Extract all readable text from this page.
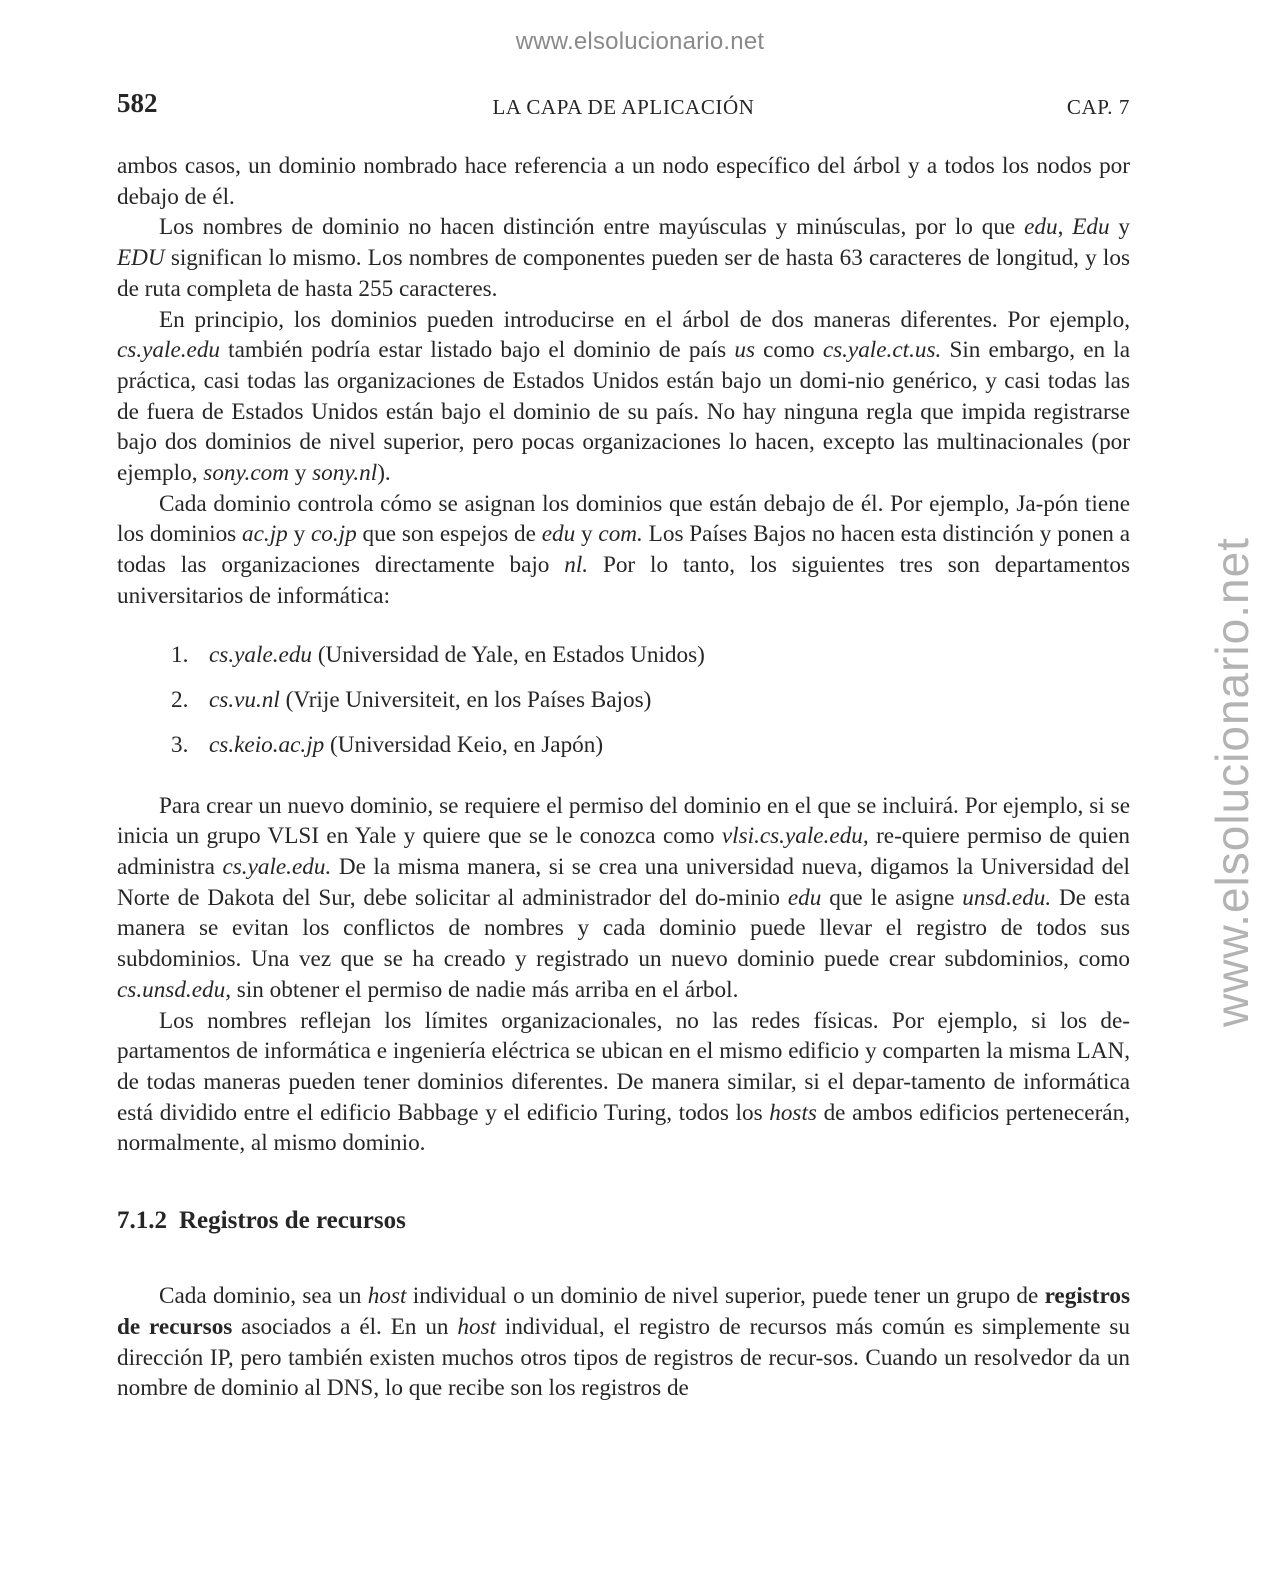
www.elsolucionario.net
www.elsolucionario.net
582	LA CAPA DE APLICACIÓN	CAP. 7

ambos casos, un dominio nombrado hace referencia a un nodo específico del árbol y a todos los nodos por debajo de él.

Los nombres de dominio no hacen distinción entre mayúsculas y minúsculas, por lo que edu, Edu y EDU significan lo mismo. Los nombres de componentes pueden ser de hasta 63 caracteres de longitud, y los de ruta completa de hasta 255 caracteres.

En principio, los dominios pueden introducirse en el árbol de dos maneras diferentes. Por ejemplo, cs.yale.edu también podría estar listado bajo el dominio de país us como cs.yale.ct.us. Sin embargo, en la práctica, casi todas las organizaciones de Estados Unidos están bajo un domi-nio genérico, y casi todas las de fuera de Estados Unidos están bajo el dominio de su país. No hay ninguna regla que impida registrarse bajo dos dominios de nivel superior, pero pocas organizaciones lo hacen, excepto las multinacionales (por ejemplo, sony.com y sony.nl).

Cada dominio controla cómo se asignan los dominios que están debajo de él. Por ejemplo, Ja-pón tiene los dominios ac.jp y co.jp que son espejos de edu y com. Los Países Bajos no hacen esta distinción y ponen a todas las organizaciones directamente bajo nl. Por lo tanto, los siguientes tres son departamentos universitarios de informática:

1. cs.yale.edu (Universidad de Yale, en Estados Unidos)
2. cs.vu.nl (Vrije Universiteit, en los Países Bajos)
3. cs.keio.ac.jp (Universidad Keio, en Japón)

Para crear un nuevo dominio, se requiere el permiso del dominio en el que se incluirá. Por ejemplo, si se inicia un grupo VLSI en Yale y quiere que se le conozca como vlsi.cs.yale.edu, re-quiere permiso de quien administra cs.yale.edu. De la misma manera, si se crea una universidad nueva, digamos la Universidad del Norte de Dakota del Sur, debe solicitar al administrador del do-minio edu que le asigne unsd.edu. De esta manera se evitan los conflictos de nombres y cada dominio puede llevar el registro de todos sus subdominios. Una vez que se ha creado y registrado un nuevo dominio puede crear subdominios, como cs.unsd.edu, sin obtener el permiso de nadie más arriba en el árbol.

Los nombres reflejan los límites organizacionales, no las redes físicas. Por ejemplo, si los de-partamentos de informática e ingeniería eléctrica se ubican en el mismo edificio y comparten la misma LAN, de todas maneras pueden tener dominios diferentes. De manera similar, si el depar-tamento de informática está dividido entre el edificio Babbage y el edificio Turing, todos los hosts de ambos edificios pertenecerán, normalmente, al mismo dominio.

7.1.2 Registros de recursos

Cada dominio, sea un host individual o un dominio de nivel superior, puede tener un grupo de registros de recursos asociados a él. En un host individual, el registro de recursos más común es simplemente su dirección IP, pero también existen muchos otros tipos de registros de recur-sos. Cuando un resolvedor da un nombre de dominio al DNS, lo que recibe son los registros de
